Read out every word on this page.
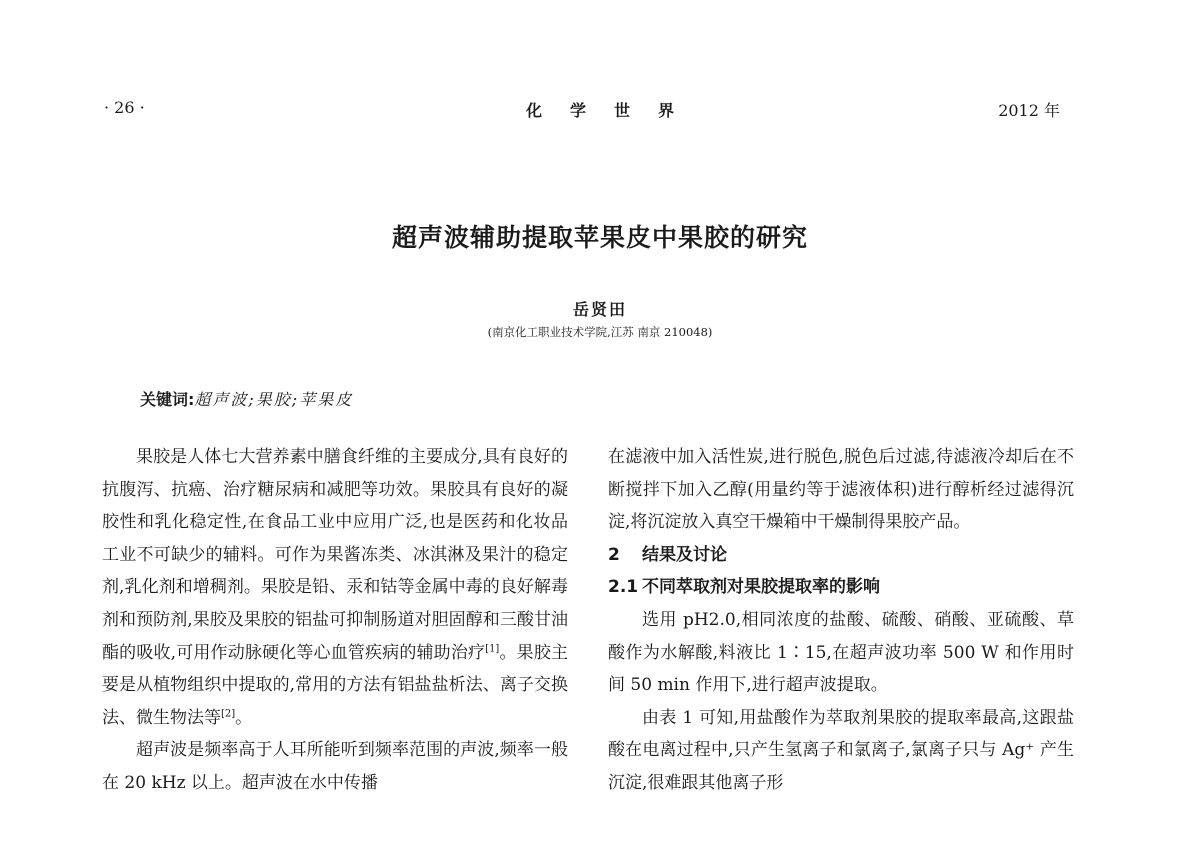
· 26 ·	化学世界	2012 年
超声波辅助提取苹果皮中果胶的研究
岳贤田
(南京化工职业技术学院,江苏 南京 210048)
关键词:超声波;果胶;苹果皮

果胶是人体七大营养素中膳食纤维的主要成分,具有良好的抗腹泻、抗癌、治疗糖尿病和减肥等功效。果胶具有良好的凝胶性和乳化稳定性,在食品工业中应用广泛,也是医药和化妆品工业不可缺少的辅料。可作为果酱冻类、冰淇淋及果汁的稳定剂,乳化剂和增稠剂。果胶是铅、汞和钴等金属中毒的良好解毒剂和预防剂,果胶及果胶的铝盐可抑制肠道对胆固醇和三酸甘油酯的吸收,可用作动脉硬化等心血管疾病的辅助治疗[1]。果胶主要是从植物组织中提取的,常用的方法有铝盐盐析法、离子交换法、微生物法等[2]。

超声波是频率高于人耳所能听到频率范围的声波,频率一般在 20 kHz 以上。超声波在水中传播

在滤液中加入活性炭,进行脱色,脱色后过滤,待滤液冷却后在不断搅拌下加入乙醇(用量约等于滤液体积)进行醇析经过滤得沉淀,将沉淀放入真空干燥箱中干燥制得果胶产品。

2 结果及讨论
2.1 不同萃取剂对果胶提取率的影响

选用 pH2.0,相同浓度的盐酸、硫酸、硝酸、亚硫酸、草酸作为水解酸,料液比 1∶15,在超声波功率 500 W 和作用时间 50 min 作用下,进行超声波提取。

由表 1 可知,用盐酸作为萃取剂果胶的提取率最高,这跟盐酸在电离过程中,只产生氢离子和氯离子,氯离子只与 Ag⁺ 产生沉淀,很难跟其他离子形
